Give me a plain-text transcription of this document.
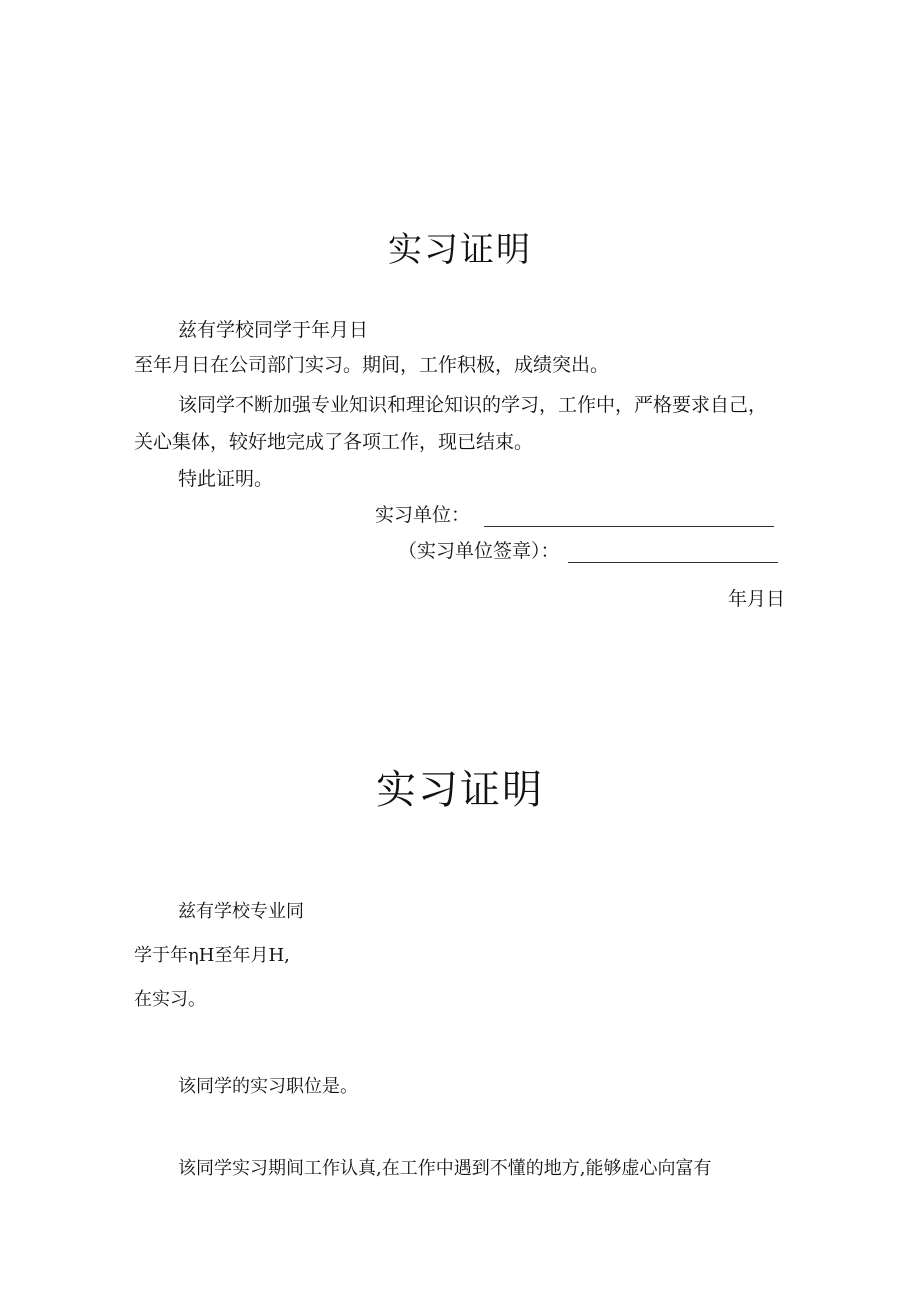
实习证明
兹有学校同学于年月日
至年月日在公司部门实习。期间，工作积极，成绩突出。
该同学不断加强专业知识和理论知识的学习，工作中，严格要求自己，
关心集体，较好地完成了各项工作，现已结束。
特此证明。
实习单位：
（实习单位签章）：
年月日
实习证明
兹有学校专业同
学于年ηH至年月H,
在实习。
该同学的实习职位是。
该同学实习期间工作认真,在工作中遇到不懂的地方,能够虚心向富有
